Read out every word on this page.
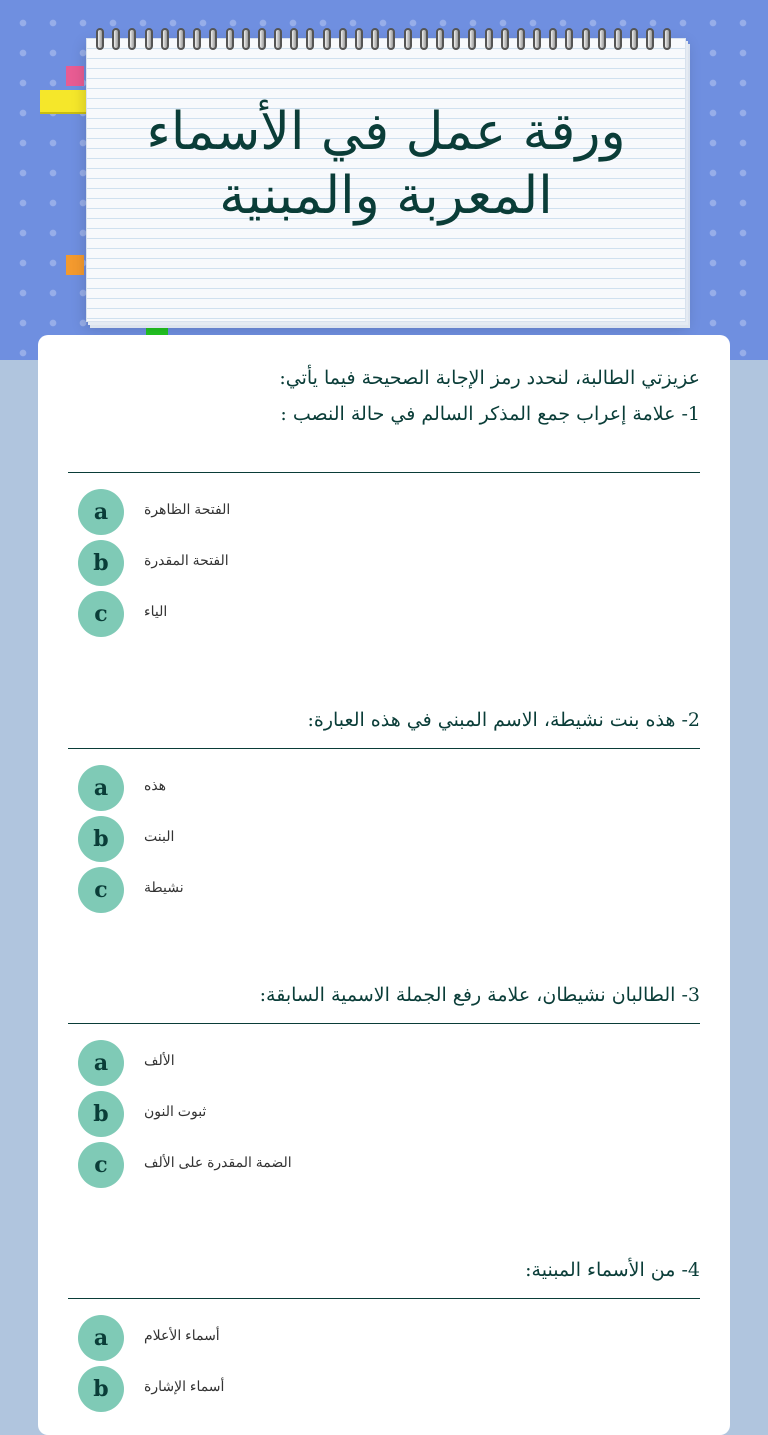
ورقة عمل في الأسماء
المعربة والمبنية
عزيزتي الطالبة، لنحدد رمز الإجابة الصحيحة فيما يأتي:
1- علامة إعراب جمع المذكر السالم في حالة النصب :
a	الفتحة الظاهرة
b	الفتحة المقدرة
c	الياء
2- هذه بنت نشيطة، الاسم المبني في هذه العبارة:
a	هذه
b	البنت
c	نشيطة
3- الطالبان نشيطان، علامة رفع الجملة الاسمية السابقة:
a	الألف
b	ثبوت النون
c	الضمة المقدرة على الألف
4- من الأسماء المبنية:
a	أسماء الأعلام
b	أسماء الإشارة
